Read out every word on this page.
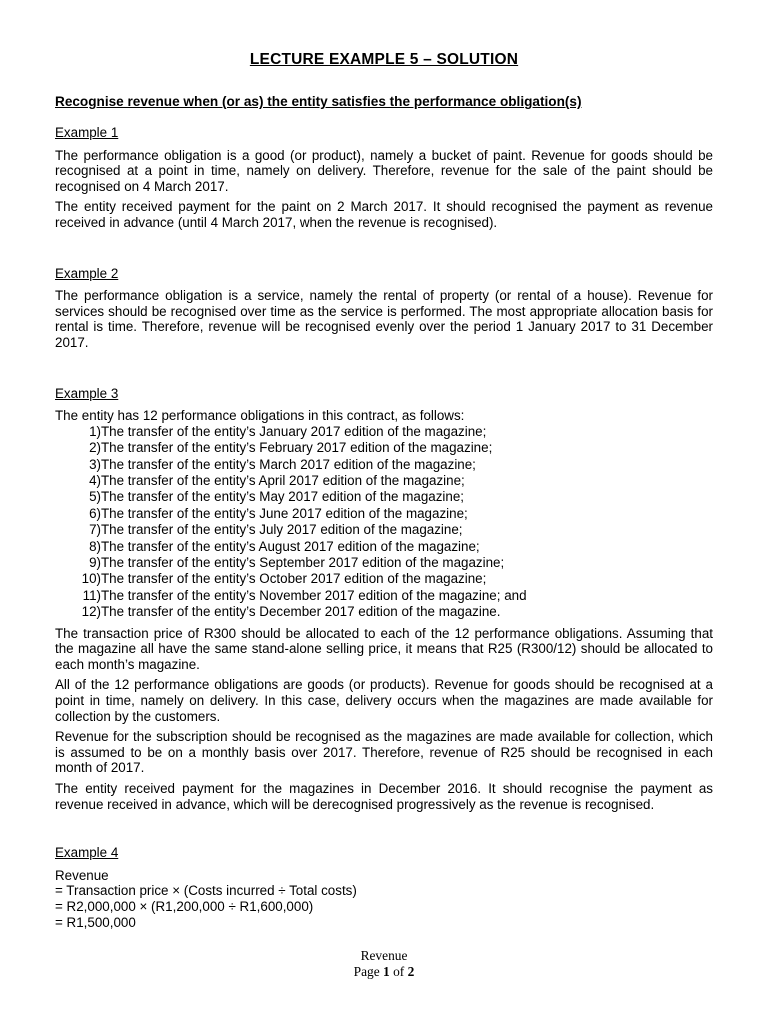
LECTURE EXAMPLE 5 – SOLUTION
Recognise revenue when (or as) the entity satisfies the performance obligation(s)
Example 1
The performance obligation is a good (or product), namely a bucket of paint. Revenue for goods should be recognised at a point in time, namely on delivery. Therefore, revenue for the sale of the paint should be recognised on 4 March 2017.
The entity received payment for the paint on 2 March 2017. It should recognised the payment as revenue received in advance (until 4 March 2017, when the revenue is recognised).
Example 2
The performance obligation is a service, namely the rental of property (or rental of a house). Revenue for services should be recognised over time as the service is performed. The most appropriate allocation basis for rental is time. Therefore, revenue will be recognised evenly over the period 1 January 2017 to 31 December 2017.
Example 3
The entity has 12 performance obligations in this contract, as follows:
1) The transfer of the entity’s January 2017 edition of the magazine;
2) The transfer of the entity’s February 2017 edition of the magazine;
3) The transfer of the entity’s March 2017 edition of the magazine;
4) The transfer of the entity’s April 2017 edition of the magazine;
5) The transfer of the entity’s May 2017 edition of the magazine;
6) The transfer of the entity’s June 2017 edition of the magazine;
7) The transfer of the entity’s July 2017 edition of the magazine;
8) The transfer of the entity’s August 2017 edition of the magazine;
9) The transfer of the entity’s September 2017 edition of the magazine;
10) The transfer of the entity’s October 2017 edition of the magazine;
11) The transfer of the entity’s November 2017 edition of the magazine; and
12) The transfer of the entity’s December 2017 edition of the magazine.
The transaction price of R300 should be allocated to each of the 12 performance obligations. Assuming that the magazine all have the same stand-alone selling price, it means that R25 (R300/12) should be allocated to each month’s magazine.
All of the 12 performance obligations are goods (or products). Revenue for goods should be recognised at a point in time, namely on delivery. In this case, delivery occurs when the magazines are made available for collection by the customers.
Revenue for the subscription should be recognised as the magazines are made available for collection, which is assumed to be on a monthly basis over 2017. Therefore, revenue of R25 should be recognised in each month of 2017.
The entity received payment for the magazines in December 2016. It should recognise the payment as revenue received in advance, which will be derecognised progressively as the revenue is recognised.
Example 4
Revenue
= Transaction price × (Costs incurred ÷ Total costs)
= R2,000,000 × (R1,200,000 ÷ R1,600,000)
= R1,500,000
Revenue
Page 1 of 2
